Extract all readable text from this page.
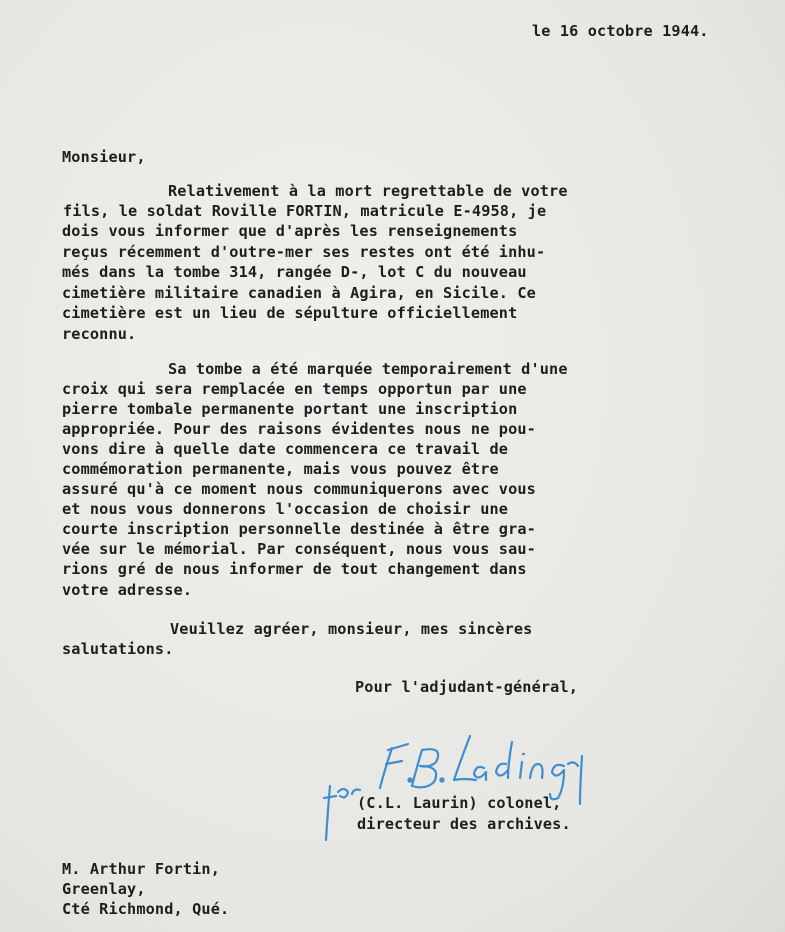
le 16 octobre 1944.
Monsieur,
Relativement à la mort regrettable de votre
fils, le soldat Roville FORTIN, matricule E-4958, je
dois vous informer que d'après les renseignements
reçus récemment d'outre-mer ses restes ont été inhu-
més dans la tombe 314, rangée D-, lot C du nouveau
cimetière militaire canadien à Agira, en Sicile. Ce
cimetière est un lieu de sépulture officiellement
reconnu.
Sa tombe a été marquée temporairement d'une
croix qui sera remplacée en temps opportun par une
pierre tombale permanente portant une inscription
appropriée. Pour des raisons évidentes nous ne pou-
vons dire à quelle date commencera ce travail de
commémoration permanente, mais vous pouvez être
assuré qu'à ce moment nous communiquerons avec vous
et nous vous donnerons l'occasion de choisir une
courte inscription personnelle destinée à être gra-
vée sur le mémorial. Par conséquent, nous vous sau-
rions gré de nous informer de tout changement dans
votre adresse.
Veuillez agréer, monsieur, mes sincères
salutations.
Pour l'adjudant-général,
(C.L. Laurin) colonel,
directeur des archives.
M. Arthur Fortin,
Greenlay,
Cté Richmond, Qué.
